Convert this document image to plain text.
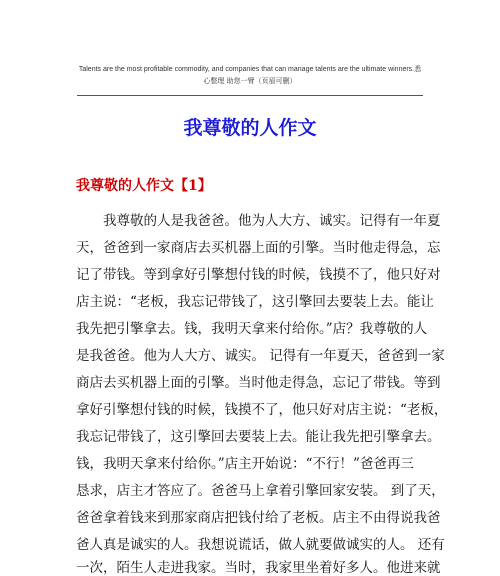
Talents are the most profitable commodity, and companies that can manage talents are the ultimate winners.悉
心整理 助您一臂（页眉可删）
我尊敬的人作文
我尊敬的人作文【1】
　　我尊敬的人是我爸爸。他为人大方、诚实。记得有一年夏
天，爸爸到一家商店去买机器上面的引擎。当时他走得急，忘
记了带钱。等到拿好引擎想付钱的时候，钱摸不了，他只好对
店主说：“老板，我忘记带钱了，这引擎回去要装上去。能让
我先把引擎拿去。钱，我明天拿来付给你。”店？我尊敬的人
是我爸爸。他为人大方、诚实。 记得有一年夏天，爸爸到一家
商店去买机器上面的引擎。当时他走得急，忘记了带钱。等到
拿好引擎想付钱的时候，钱摸不了，他只好对店主说：“老板，
我忘记带钱了，这引擎回去要装上去。能让我先把引擎拿去。
钱，我明天拿来付给你。”店主开始说：“不行！”爸爸再三
恳求，店主才答应了。爸爸马上拿着引擎回家安装。 到了天，
爸爸拿着钱来到那家商店把钱付给了老板。店主不由得说我爸
爸人真是诚实的人。我想说谎话，做人就要做诚实的人。 还有
一次，陌生人走进我家。当时，我家里坐着好多人。他进来就
